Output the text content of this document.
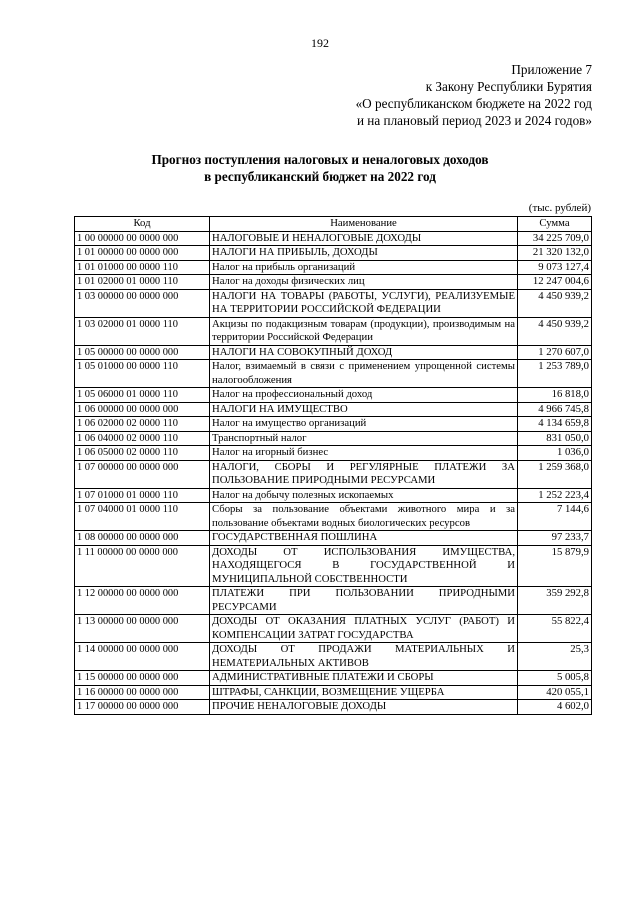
192
Приложение 7
к Закону Республики Бурятия
«О республиканском бюджете на 2022 год
и на плановый период 2023 и 2024 годов»
Прогноз поступления налоговых и неналоговых доходов
в республиканский бюджет на 2022 год
(тыс. рублей)
Код	Наименование	Сумма
1 00 00000 00 0000 000	НАЛОГОВЫЕ И НЕНАЛОГОВЫЕ ДОХОДЫ	34 225 709,0
1 01 00000 00 0000 000	НАЛОГИ НА ПРИБЫЛЬ, ДОХОДЫ	21 320 132,0
1 01 01000 00 0000 110	Налог на прибыль организаций	9 073 127,4
1 01 02000 01 0000 110	Налог на доходы физических лиц	12 247 004,6
1 03 00000 00 0000 000	НАЛОГИ НА ТОВАРЫ (РАБОТЫ, УСЛУГИ), РЕАЛИЗУЕМЫЕ НА ТЕРРИТОРИИ РОССИЙСКОЙ ФЕДЕРАЦИИ	4 450 939,2
1 03 02000 01 0000 110	Акцизы по подакцизным товарам (продукции), производимым на территории Российской Федерации	4 450 939,2
1 05 00000 00 0000 000	НАЛОГИ НА СОВОКУПНЫЙ ДОХОД	1 270 607,0
1 05 01000 00 0000 110	Налог, взимаемый в связи с применением упрощенной системы налогообложения	1 253 789,0
1 05 06000 01 0000 110	Налог на профессиональный доход	16 818,0
1 06 00000 00 0000 000	НАЛОГИ НА ИМУЩЕСТВО	4 966 745,8
1 06 02000 02 0000 110	Налог на имущество организаций	4 134 659,8
1 06 04000 02 0000 110	Транспортный налог	831 050,0
1 06 05000 02 0000 110	Налог на игорный бизнес	1 036,0
1 07 00000 00 0000 000	НАЛОГИ, СБОРЫ И РЕГУЛЯРНЫЕ ПЛАТЕЖИ ЗА ПОЛЬЗОВАНИЕ ПРИРОДНЫМИ РЕСУРСАМИ	1 259 368,0
1 07 01000 01 0000 110	Налог на добычу полезных ископаемых	1 252 223,4
1 07 04000 01 0000 110	Сборы за пользование объектами животного мира и за пользование объектами водных биологических ресурсов	7 144,6
1 08 00000 00 0000 000	ГОСУДАРСТВЕННАЯ ПОШЛИНА	97 233,7
1 11 00000 00 0000 000	ДОХОДЫ ОТ ИСПОЛЬЗОВАНИЯ ИМУЩЕСТВА, НАХОДЯЩЕГОСЯ В ГОСУДАРСТВЕННОЙ И МУНИЦИПАЛЬНОЙ СОБСТВЕННОСТИ	15 879,9
1 12 00000 00 0000 000	ПЛАТЕЖИ ПРИ ПОЛЬЗОВАНИИ ПРИРОДНЫМИ РЕСУРСАМИ	359 292,8
1 13 00000 00 0000 000	ДОХОДЫ ОТ ОКАЗАНИЯ ПЛАТНЫХ УСЛУГ (РАБОТ) И КОМПЕНСАЦИИ ЗАТРАТ ГОСУДАРСТВА	55 822,4
1 14 00000 00 0000 000	ДОХОДЫ ОТ ПРОДАЖИ МАТЕРИАЛЬНЫХ И НЕМАТЕРИАЛЬНЫХ АКТИВОВ	25,3
1 15 00000 00 0000 000	АДМИНИСТРАТИВНЫЕ ПЛАТЕЖИ И СБОРЫ	5 005,8
1 16 00000 00 0000 000	ШТРАФЫ, САНКЦИИ, ВОЗМЕЩЕНИЕ УЩЕРБА	420 055,1
1 17 00000 00 0000 000	ПРОЧИЕ НЕНАЛОГОВЫЕ ДОХОДЫ	4 602,0
